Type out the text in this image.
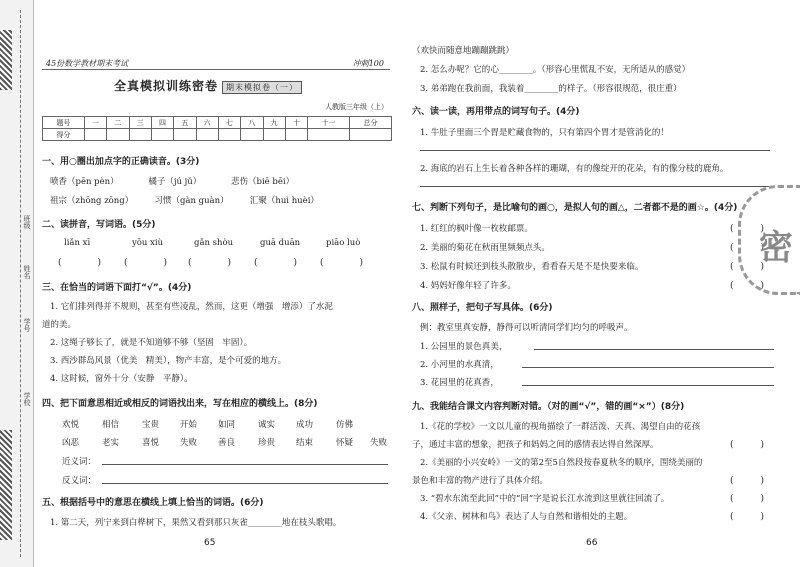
班级
姓名
学号
学校
45份数学教材期末考试	冲刺100
全真模拟训练密卷 期末模拟卷（一）
人教版三年级（上）
题号	一	二	三	四	五	六	七	八	九	十	十一	总分
得分												
一、用○圈出加点字的正确读音。(3分)
喷香（pēn pèn）　　　　橘子（jú jǔ）　　　　悲伤（biē bēi）
祖宗（zhōng zōng）　　　习惯（gàn guàn）　　　汇聚（huì huèi）
二、读拼音，写词语。(5分)
liǎn xī	yōu xiù	gǎn shòu	guā duān	piāo luò
(　　　　)	(　　　　) (　　　　)	(　　　　)	(　　　　)
三、在恰当的词语下面打“√”。(4分)
1. 它们排列得并不规则，甚至有些凌乱，然而，这更（增强　增添）了水泥
道的美。
2. 这绳子够长了，就是不知道够不够（坚固　牢固）。
3. 西沙群岛风景（优美　精美），物产丰富，是个可爱的地方。
4. 这时候，窗外十分（安静　平静）。
四、把下面意思相近或相反的词语找出来，写在相应的横线上。(8分)
欢悦	相信	宝贵 开始 如同	诚实 成功	仿佛
凶恶	老实	喜悦 失败 善良	珍贵 结束	怀疑 失败
近义词：
反义词：
五、根据括号中的意思在横线上填上恰当的词语。(6分)
1. 第二天，列宁来到白桦树下，果然又看到那只灰雀________地在枝头歌唱。
65
（欢快而随意地蹦蹦跳跳）
2. 怎么办呢？它的心________。（形容心里慌乱不安，无所适从的感觉）
3. 弟弟跑在我前面，我装着________的样子。（形容很规范，很庄重）
六、读一读，再用带点的词写句子。(4分)
1. 牛肚子里面三个胃是贮藏食物的，只有第四个胃才是管消化的！
2. 海底的岩石上生长着各种各样的珊瑚，有的像绽开的花朵，有的像分枝的鹿角。
七、判断下列句子，是比喻句的画○，是拟人句的画△，二者都不是的画☆。(4分)
1. 红红的枫叶像一枚枚邮票。	(　　　)
2. 美丽的菊花在秋雨里频频点头。	(　　　)
3. 松鼠有时候还到枝头散散步，看看春天是不是快要来临。	(　　　)
4. 妈妈好像年轻了许多。	(　　　)
八、照样子，把句子写具体。(6分)
例：教室里真安静，静得可以听清同学们均匀的呼吸声。
1. 公园里的景色真美，
2. 小河里的水真清，
3. 花园里的花真香，
九、我能结合课文内容判断对错。（对的画“√”，错的画“×”）(8分)
1.《花的学校》一文以儿童的视角描绘了一群活泼、天真、渴望自由的花孩
子，通过丰富的想象，把孩子和妈妈之间的感情表达得自然深厚。	(　　　)
2.《美丽的小兴安岭》一文的第2至5自然段按春夏秋冬的顺序，围绕美丽的
景色和丰富的物产进行了具体介绍。	(　　　)
3. “碧水东流至此回”中的“回”字是说长江水流到这里就往回流了。	(　　　)
4.《父亲、树林和鸟》表达了人与自然和谐相处的主题。	(　　　)
66
密
